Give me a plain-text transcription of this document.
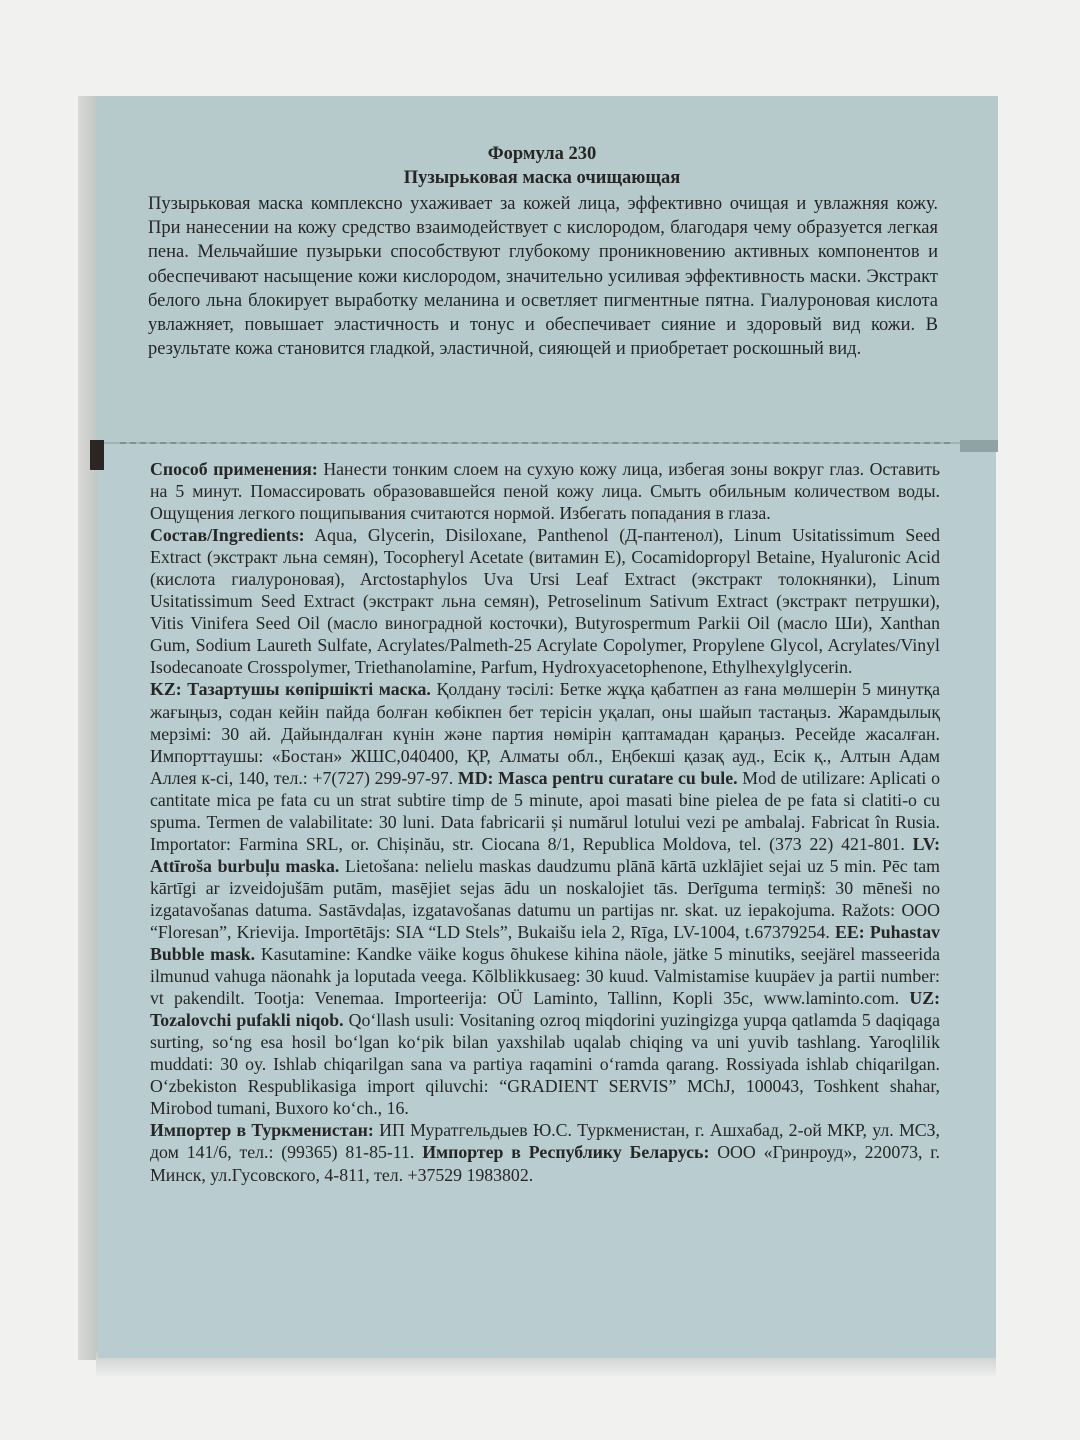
Формула 230
Пузырьковая маска очищающая
Пузырьковая маска комплексно ухаживает за кожей лица, эффективно очищая и увлажняя кожу. При нанесении на кожу средство взаимодействует с кислородом, благодаря чему образуется легкая пена. Мельчайшие пузырьки способствуют глубокому проникновению активных компонентов и обеспечивают насыщение кожи кислородом, значительно усиливая эффективность маски. Экстракт белого льна блокирует выработку меланина и осветляет пигментные пятна. Гиалуроновая кислота увлажняет, повышает эластичность и тонус и обеспечивает сияние и здоровый вид кожи. В результате кожа становится гладкой, эластичной, сияющей и приобретает роскошный вид.

Способ применения: Нанести тонким слоем на сухую кожу лица, избегая зоны вокруг глаз. Оставить на 5 минут. Помассировать образовавшейся пеной кожу лица. Смыть обильным количеством воды. Ощущения легкого пощипывания считаются нормой. Избегать попадания в глаза.

Состав/Ingredients: Aqua, Glycerin, Disiloxane, Panthenol (Д-пантенол), Linum Usitatissimum Seed Extract (экстракт льна семян), Tocopheryl Acetate (витамин E), Cocamidopropyl Betaine, Hyaluronic Acid (кислота гиалуроновая), Arctostaphylos Uva Ursi Leaf Extract (экстракт толокнянки), Linum Usitatissimum Seed Extract (экстракт льна семян), Petroselinum Sativum Extract (экстракт петрушки), Vitis Vinifera Seed Oil (масло виноградной косточки), Butyrospermum Parkii Oil (масло Ши), Xanthan Gum, Sodium Laureth Sulfate, Acrylates/Palmeth-25 Acrylate Copolymer, Propylene Glycol, Acrylates/Vinyl Isodecanoate Crosspolymer, Triethanolamine, Parfum, Hydroxyacetophenone, Ethylhexylglycerin.

KZ: Тазартушы көпіршікті маска. Қолдану тәсілі: Бетке жұқа қабатпен аз ғана мөлшерін 5 минутқа жағыңыз, содан кейін пайда болған көбікпен бет терісін уқалап, оны шайып тастаңыз. Жарамдылық мерзімі: 30 ай. Дайындалған күнін және партия нөмірін қаптамадан қараңыз. Ресейде жасалған. Импорттаушы: «Бостан» ЖШС,040400, ҚР, Алматы обл., Еңбекші қазақ ауд., Есік қ., Алтын Адам Аллея к-сі, 140, тел.: +7(727) 299-97-97. MD: Masca pentru curatare cu bule. Mod de utilizare: Aplicati o cantitate mica pe fata cu un strat subtire timp de 5 minute, apoi masati bine pielea de pe fata si clatiti-o cu spuma. Termen de valabilitate: 30 luni. Data fabricarii și numărul lotului vezi pe ambalaj. Fabricat în Rusia. Importator: Farmina SRL, or. Chișinău, str. Ciocana 8/1, Republica Moldova, tel. (373 22) 421-801. LV: Attīroša burbuļu maska. Lietošana: nelielu maskas daudzumu plānā kārtā uzklājiet sejai uz 5 min. Pēc tam kārtīgi ar izveidojušām putām, masējiet sejas ādu un noskalojiet tās. Derīguma termiņš: 30 mēneši no izgatavošanas datuma. Sastāvdaļas, izgatavošanas datumu un partijas nr. skat. uz iepakojuma. Ražots: OOO “Floresan”, Krievija. Importētājs: SIA “LD Stels”, Bukaišu iela 2, Rīga, LV-1004, t.67379254. EE: Puhastav Bubble mask. Kasutamine: Kandke väike kogus õhukese kihina näole, jätke 5 minutiks, seejärel masseerida ilmunud vahuga näonahk ja loputada veega. Kõlblikkusaeg: 30 kuud. Valmistamise kuupäev ja partii number: vt pakendilt. Tootja: Venemaa. Importeerija: OÜ Laminto, Tallinn, Kopli 35c, www.laminto.com. UZ: Tozalovchi pufakli niqob. Qo‘llash usuli: Vositaning ozroq miqdorini yuzingizga yupqa qatlamda 5 daqiqaga surting, so‘ng esa hosil bo‘lgan ko‘pik bilan yaxshilab uqalab chiqing va uni yuvib tashlang. Yaroqlilik muddati: 30 oy. Ishlab chiqarilgan sana va partiya raqamini o‘ramda qarang. Rossiyada ishlab chiqarilgan. O‘zbekiston Respublikasiga import qiluvchi: “GRADIENT SERVIS” MChJ, 100043, Toshkent shahar, Mirobod tumani, Buxoro ko‘ch., 16.

Импортер в Туркменистан: ИП Муратгельдыев Ю.С. Туркменистан, г. Ашхабад, 2-ой МКР, ул. МСЗ, дом 141/6, тел.: (99365) 81-85-11. Импортер в Республику Беларусь: ООО «Гринроуд», 220073, г. Минск, ул.Гусовского, 4-811, тел. +37529 1983802.
